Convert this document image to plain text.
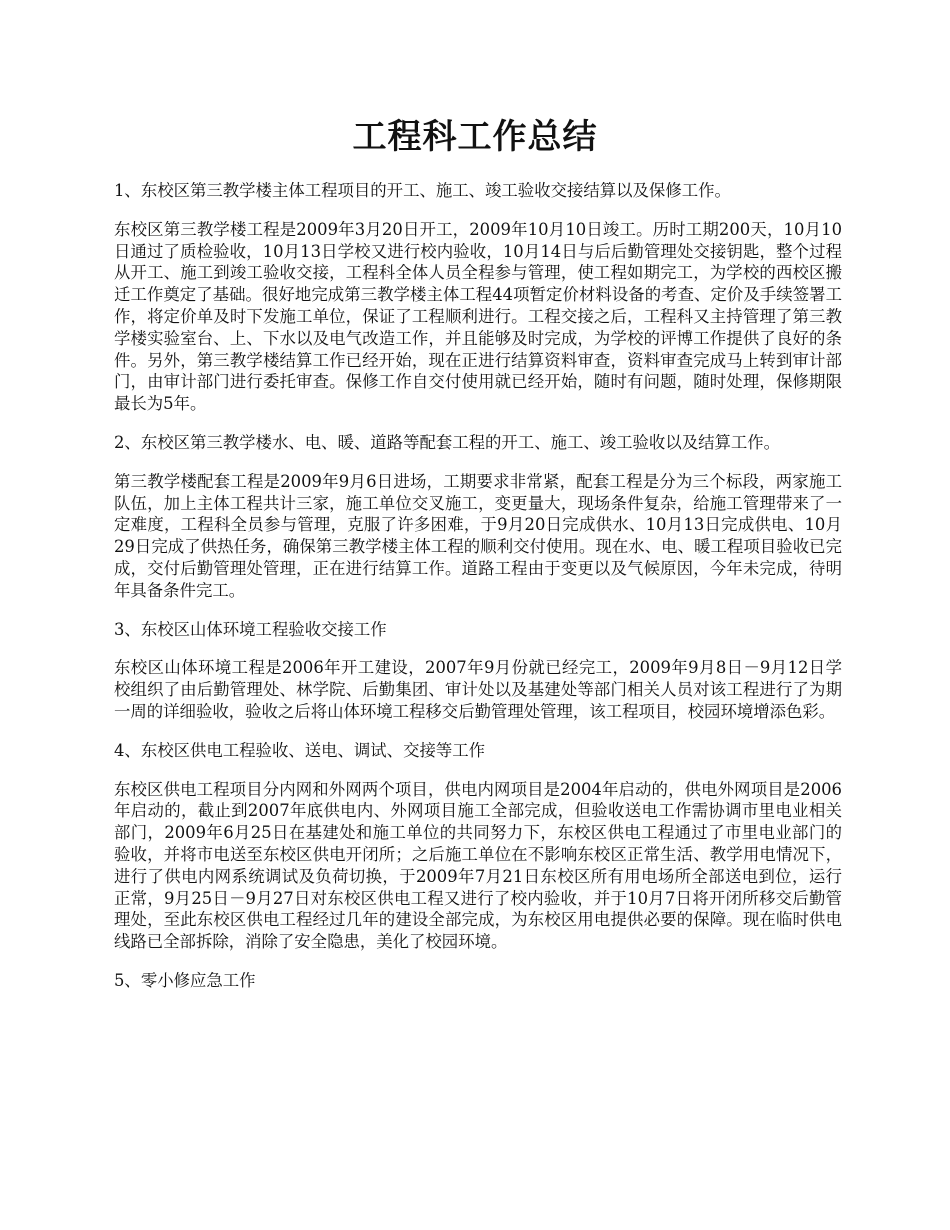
工程科工作总结

1、东校区第三教学楼主体工程项目的开工、施工、竣工验收交接结算以及保修工作。

东校区第三教学楼工程是2009年3月20日开工，2009年10月10日竣工。历时工期200天，10月10日通过了质检验收，10月13日学校又进行校内验收，10月14日与后后勤管理处交接钥匙，整个过程从开工、施工到竣工验收交接，工程科全体人员全程参与管理，使工程如期完工，为学校的西校区搬迁工作奠定了基础。很好地完成第三教学楼主体工程44项暂定价材料设备的考查、定价及手续签署工作，将定价单及时下发施工单位，保证了工程顺利进行。工程交接之后，工程科又主持管理了第三教学楼实验室台、上、下水以及电气改造工作，并且能够及时完成，为学校的评博工作提供了良好的条件。另外，第三教学楼结算工作已经开始，现在正进行结算资料审查，资料审查完成马上转到审计部门，由审计部门进行委托审查。保修工作自交付使用就已经开始，随时有问题，随时处理，保修期限最长为5年。

2、东校区第三教学楼水、电、暖、道路等配套工程的开工、施工、竣工验收以及结算工作。

第三教学楼配套工程是2009年9月6日进场，工期要求非常紧，配套工程是分为三个标段，两家施工队伍，加上主体工程共计三家，施工单位交叉施工，变更量大，现场条件复杂，给施工管理带来了一定难度，工程科全员参与管理，克服了许多困难，于9月20日完成供水、10月13日完成供电、10月29日完成了供热任务，确保第三教学楼主体工程的顺利交付使用。现在水、电、暖工程项目验收已完成，交付后勤管理处管理，正在进行结算工作。道路工程由于变更以及气候原因，今年未完成，待明年具备条件完工。

3、东校区山体环境工程验收交接工作

东校区山体环境工程是2006年开工建设，2007年9月份就已经完工，2009年9月8日－9月12日学校组织了由后勤管理处、林学院、后勤集团、审计处以及基建处等部门相关人员对该工程进行了为期一周的详细验收，验收之后将山体环境工程移交后勤管理处管理，该工程项目，校园环境增添色彩。

4、东校区供电工程验收、送电、调试、交接等工作

东校区供电工程项目分内网和外网两个项目，供电内网项目是2004年启动的，供电外网项目是2006年启动的，截止到2007年底供电内、外网项目施工全部完成，但验收送电工作需协调市里电业相关部门，2009年6月25日在基建处和施工单位的共同努力下，东校区供电工程通过了市里电业部门的验收，并将市电送至东校区供电开闭所；之后施工单位在不影响东校区正常生活、教学用电情况下，进行了供电内网系统调试及负荷切换，于2009年7月21日东校区所有用电场所全部送电到位，运行正常，9月25日－9月27日对东校区供电工程又进行了校内验收，并于10月7日将开闭所移交后勤管理处，至此东校区供电工程经过几年的建设全部完成，为东校区用电提供必要的保障。现在临时供电线路已全部拆除，消除了安全隐患，美化了校园环境。

5、零小修应急工作
